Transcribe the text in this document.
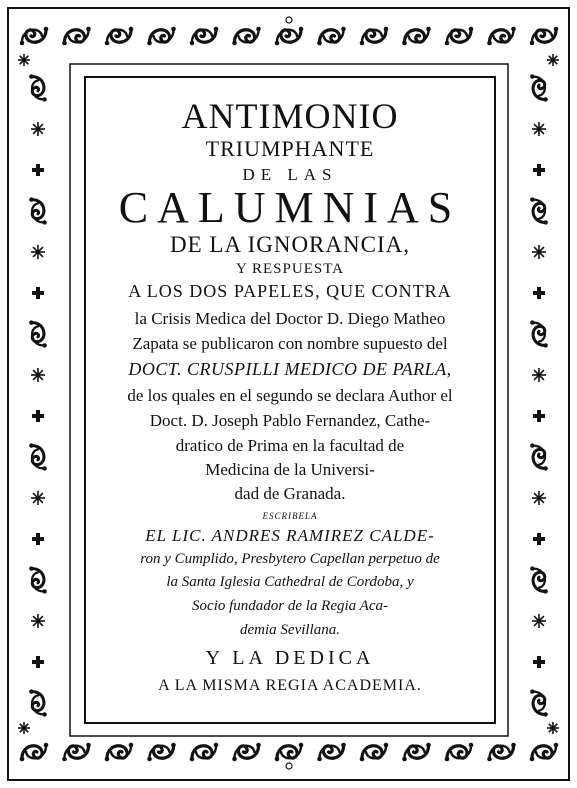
ANTIMONIO
TRIUMPHANTE
DE LAS
CALUMNIAS
DE LA IGNORANCIA,
Y RESPUESTA
A LOS DOS PAPELES, QUE CONTRA
la Crisis Medica del Doctor D. Diego Matheo
Zapata se publicaron con nombre supuesto del
DOCT. CRUSPILLI MEDICO DE PARLA,
de los quales en el segundo se declara Author el
Doct. D. Joseph Pablo Fernandez, Cathe-
dratico de Prima en la facultad de
Medicina de la Universi-
dad de Granada.
ESCRIBELA
EL LIC. ANDRES RAMIREZ CALDE-
ron y Cumplido, Presbytero Capellan perpetuo de
la Santa Iglesia Cathedral de Cordoba, y
Socio fundador de la Regia Aca-
demia Sevillana.
Y LA DEDICA
A LA MISMA REGIA ACADEMIA.
